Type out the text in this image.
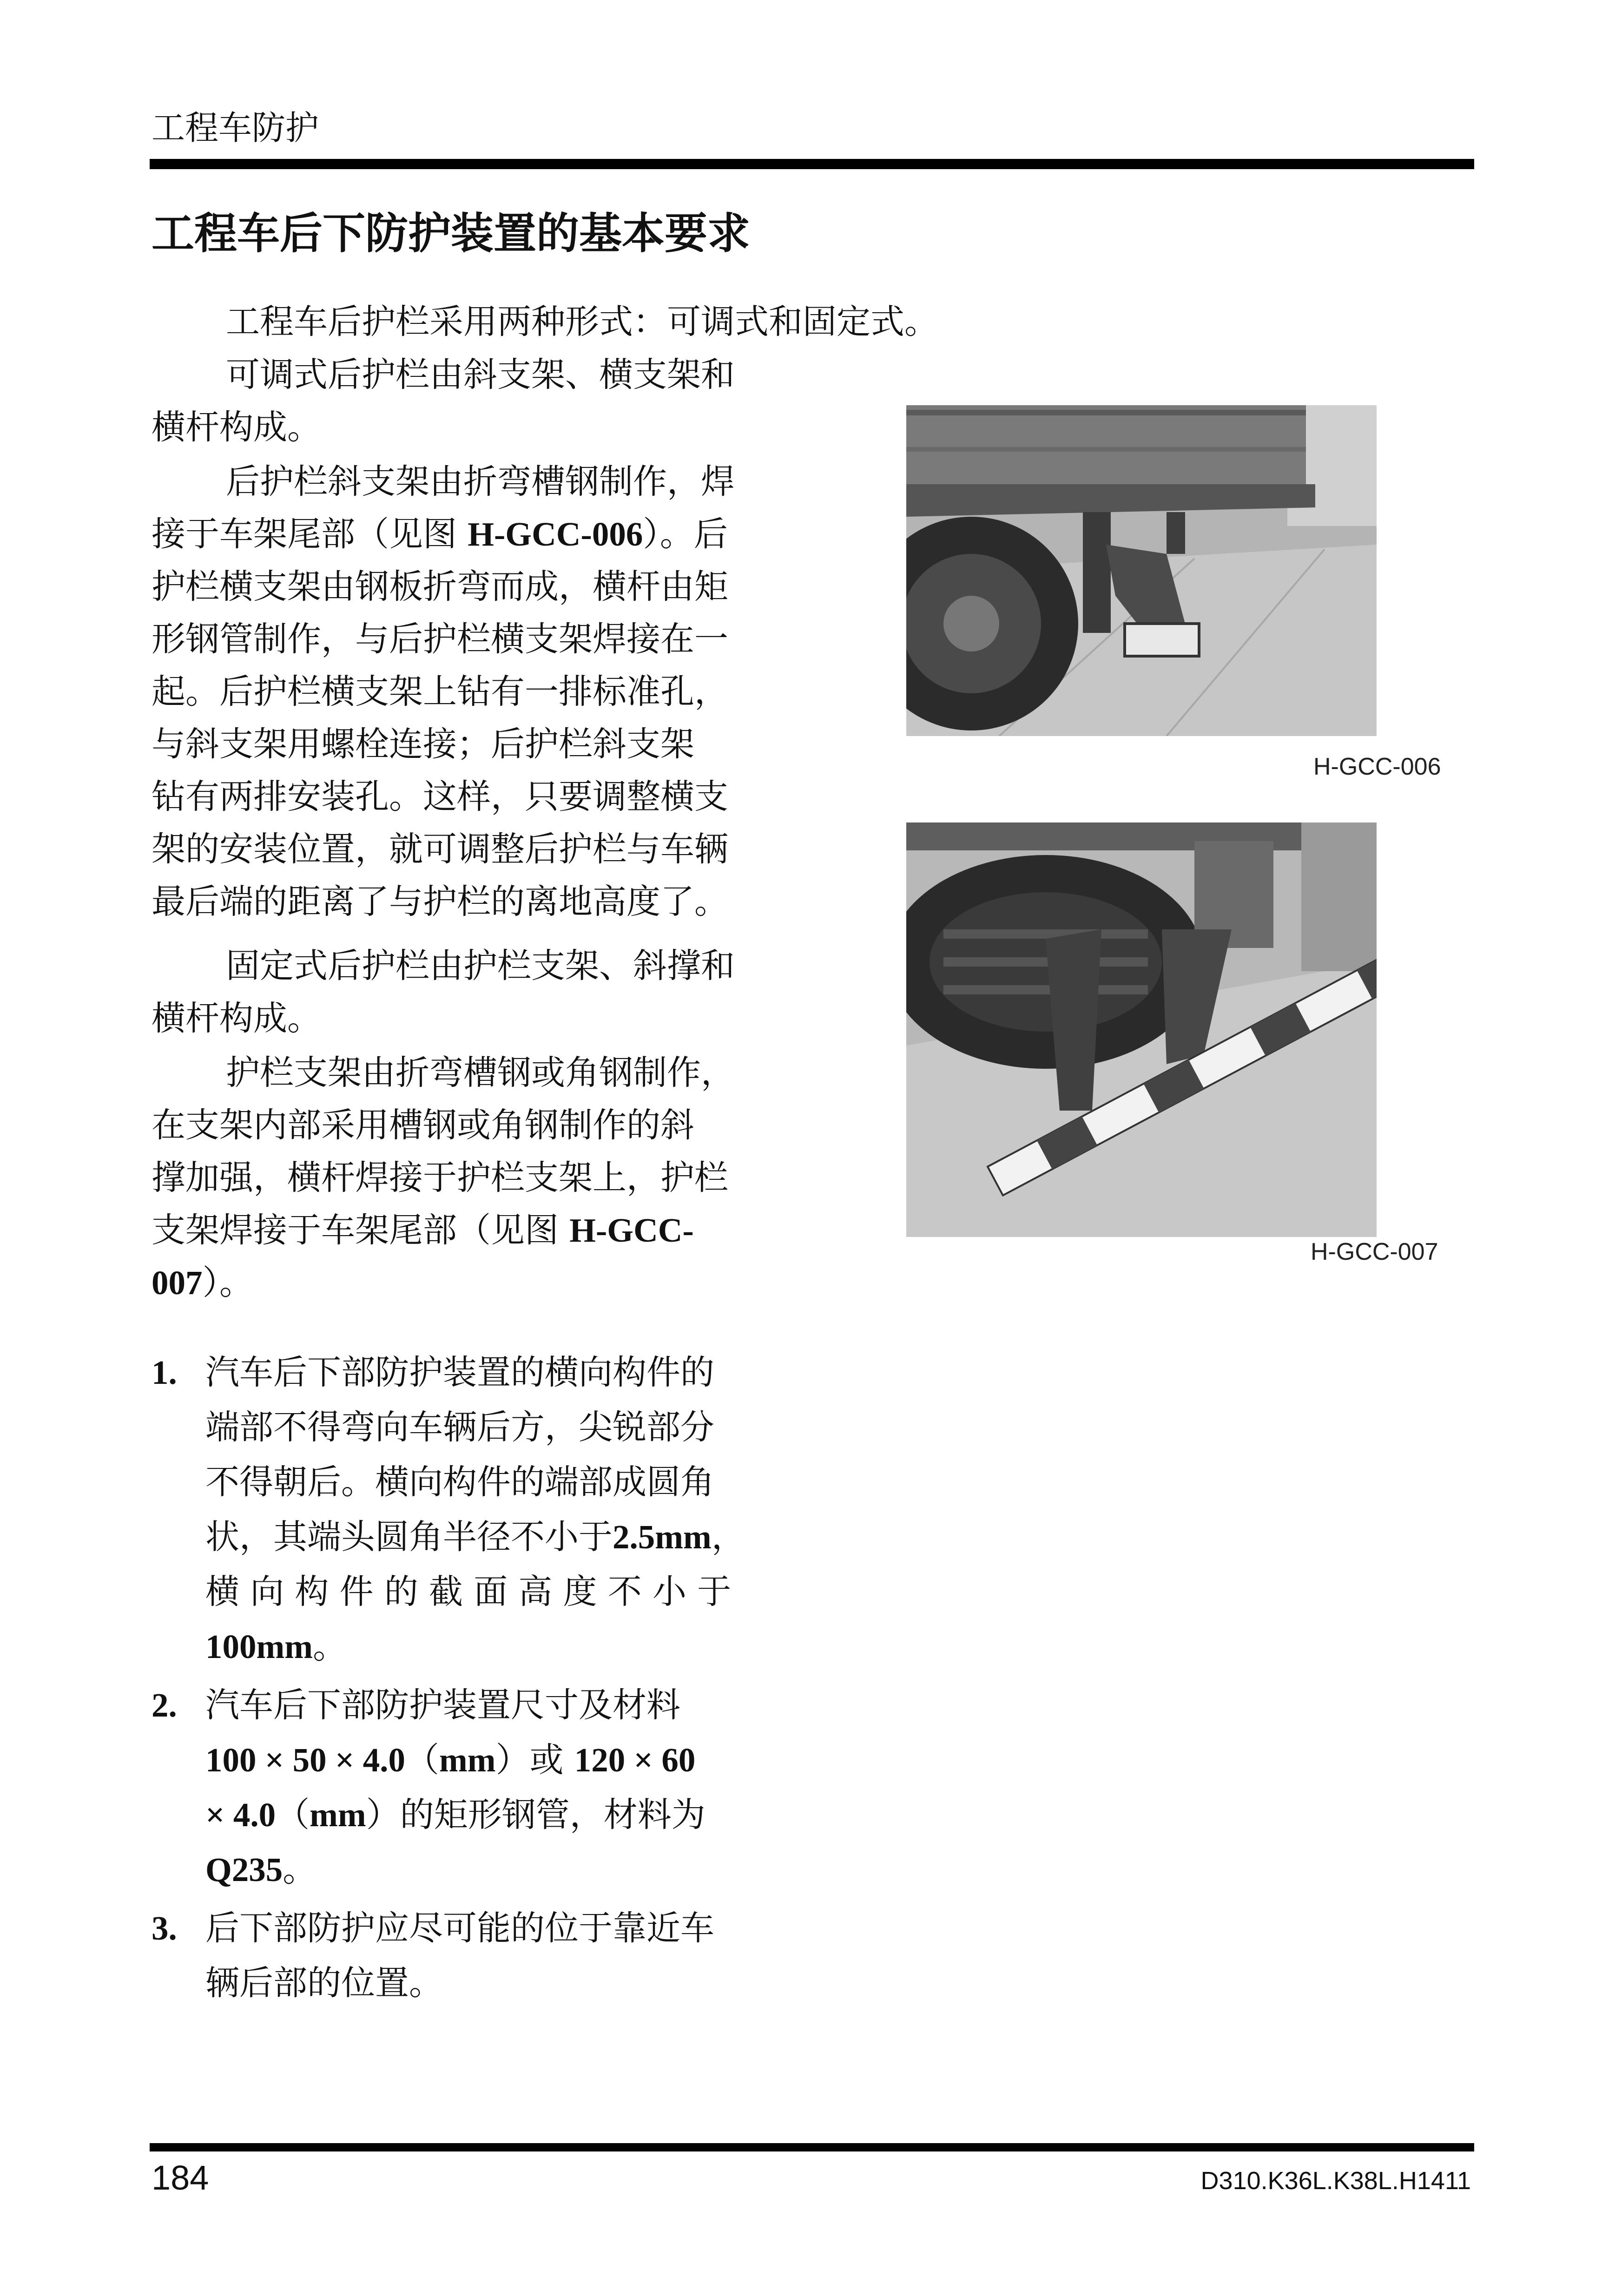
工程车防护
工程车后下防护装置的基本要求
工程车后护栏采用两种形式：可调式和固定式。
可调式后护栏由斜支架、横支架和
横杆构成。
后护栏斜支架由折弯槽钢制作，焊
接于车架尾部（见图 H-GCC-006）。后
护栏横支架由钢板折弯而成，横杆由矩
形钢管制作，与后护栏横支架焊接在一
起。后护栏横支架上钻有一排标准孔，
与斜支架用螺栓连接；后护栏斜支架
钻有两排安装孔。这样，只要调整横支
架的安装位置，就可调整后护栏与车辆
最后端的距离了与护栏的离地高度了。
固定式后护栏由护栏支架、斜撑和
横杆构成。
护栏支架由折弯槽钢或角钢制作，
在支架内部采用槽钢或角钢制作的斜
撑加强，横杆焊接于护栏支架上，护栏
支架焊接于车架尾部（见图 H-GCC-
007）。
1. 汽车后下部防护装置的横向构件的
端部不得弯向车辆后方，尖锐部分
不得朝后。横向构件的端部成圆角
状，其端头圆角半径不小于2.5mm，
横 向 构 件 的 截 面 高 度 不 小 于
100mm。
2. 汽车后下部防护装置尺寸及材料
100 × 50 × 4.0（mm）或 120 × 60
× 4.0（mm）的矩形钢管，材料为
Q235。
3. 后下部防护应尽可能的位于靠近车
辆后部的位置。
H-GCC-006
H-GCC-007
184	D310.K36L.K38L.H1411
